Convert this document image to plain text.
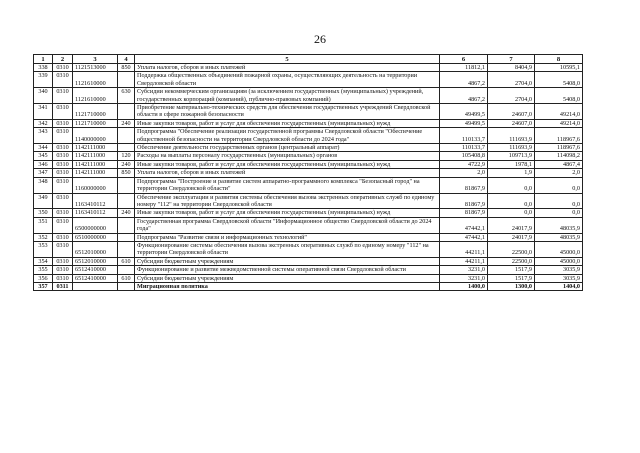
26
1	2	3	4	5	6	7	8
338	0310	1121513000	850	Уплата налогов, сборов и иных платежей	11812,1	8404,9	10595,1
339	0310	1121610000		Поддержка общественных объединений пожарной охраны, осуществляющих деятельность на территории Свердловской области	4867,2	2704,0	5408,0
340	0310	1121610000	630	Субсидии некоммерческим организациям (за исключением государственных (муниципальных) учреждений, государственных корпораций (компаний), публично-правовых компаний)	4867,2	2704,0	5408,0
341	0310	1121710000		Приобретение материально-технических средств для обеспечения государственных учреждений Свердловской области в сфере пожарной безопасности	49499,5	24607,0	49214,0
342	0310	1121710000	240	Иные закупки товаров, работ и услуг для обеспечения государственных (муниципальных) нужд	49499,5	24607,0	49214,0
343	0310	1140000000		Подпрограмма "Обеспечение реализации государственной программы Свердловской области "Обеспечение общественной безопасности на территории Свердловской области до 2024 года"	110133,7	111693,9	118967,6
344	0310	1142111000		Обеспечение деятельности государственных органов (центральный аппарат)	110133,7	111693,9	118967,6
345	0310	1142111000	120	Расходы на выплаты персоналу государственных (муниципальных) органов	105408,8	109713,9	114098,2
346	0310	1142111000	240	Иные закупки товаров, работ и услуг для обеспечения государственных (муниципальных) нужд	4722,9	1978,1	4867,4
347	0310	1142111000	850	Уплата налогов, сборов и иных платежей	2,0	1,9	2,0
348	0310	1160000000		Подпрограмма "Построение и развитие систем аппаратно-программного комплекса "Безопасный город" на территории Свердловской области"	81867,9	0,0	0,0
349	0310	1163410112		Обеспечение эксплуатации и развития системы обеспечения вызова экстренных оперативных служб по единому номеру "112" на территории Свердловской области	81867,9	0,0	0,0
350	0310	1163410112	240	Иные закупки товаров, работ и услуг для обеспечения государственных (муниципальных) нужд	81867,9	0,0	0,0
351	0310	6500000000		Государственная программа Свердловской области "Информационное общество Свердловской области до 2024 года"	47442,1	24017,9	48035,9
352	0310	6510000000		Подпрограмма "Развитие связи и информационных технологий"	47442,1	24017,9	48035,9
353	0310	6512010000		Функционирование системы обеспечения вызова экстренных оперативных служб по единому номеру "112" на территории Свердловской области	44211,1	22500,0	45000,0
354	0310	6512010000	610	Субсидии бюджетным учреждениям	44211,1	22500,0	45000,0
355	0310	6512410000		Функционирование и развитие межведомственной системы оперативной связи Свердловской области	3231,0	1517,9	3035,9
356	0310	6512410000	610	Субсидии бюджетным учреждениям	3231,0	1517,9	3035,9
357	0311			Миграционная политика	1400,0	1300,0	1404,0
